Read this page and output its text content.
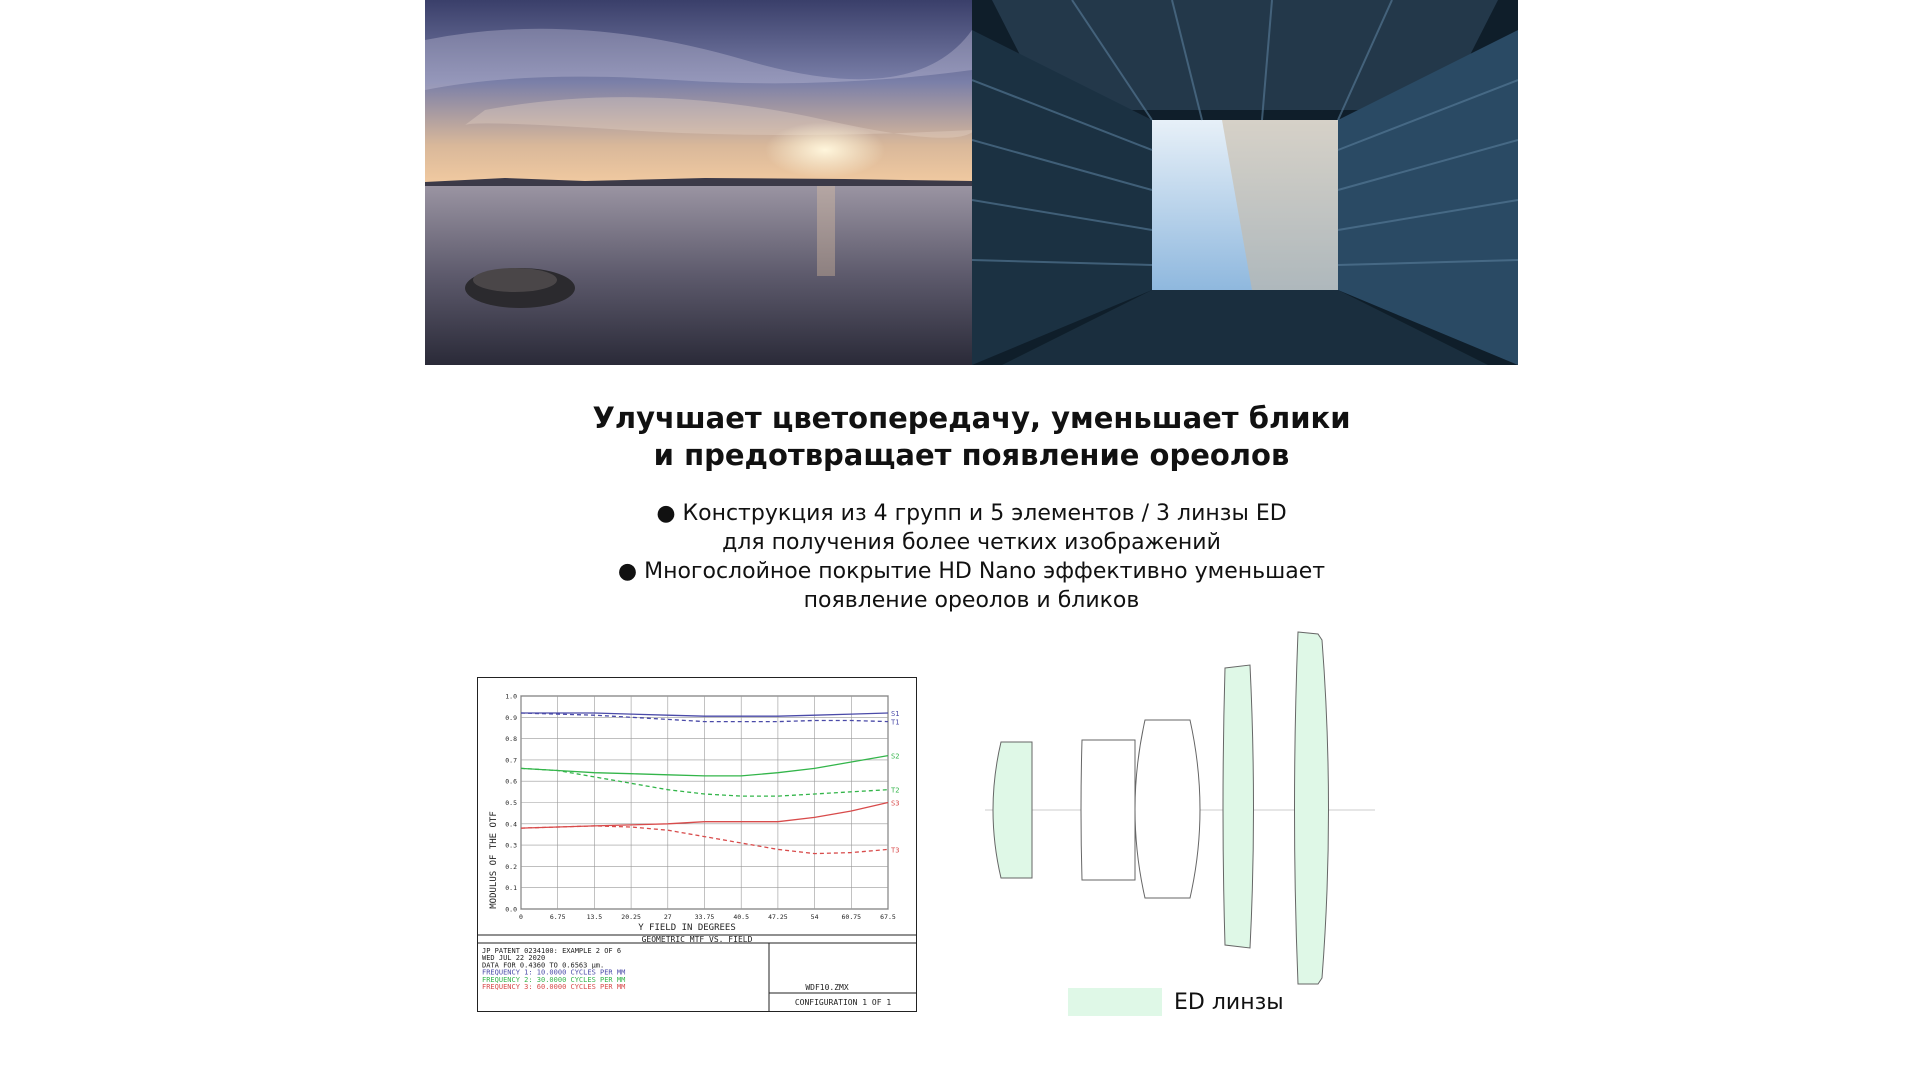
Улучшает цветопередачу, уменьшает блики
и предотвращает появление ореолов
● Конструкция из 4 групп и 5 элементов / 3 линзы ED
для получения более четких изображений
● Многослойное покрытие HD Nano эффективно уменьшает
появление ореолов и бликов
S1
T1
S2
T2
S3
T3
0	6.75	13.5	20.25	27	33.75	40.5	47.25	54	60.75	67.5
0.0
0.1
0.2
0.3
0.4
0.5
0.6
0.7
0.8
0.9
1.0
MODULUS OF THE OTF
Y FIELD IN DEGREES
GEOMETRIC MTF VS. FIELD
JP PATENT 0234100: EXAMPLE 2 OF 6
WED JUL 22 2020
DATA FOR 0.4360 TO 0.6563 µm.
FREQUENCY 1: 10.0000 CYCLES PER MM
FREQUENCY 2: 30.0000 CYCLES PER MM
FREQUENCY 3: 60.0000 CYCLES PER MM	WDF10.ZMX
CONFIGURATION 1 OF 1	ED линзы
